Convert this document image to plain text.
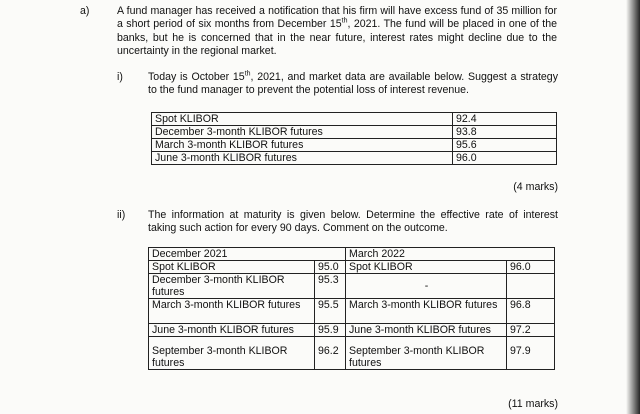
a)	A fund manager has received a notification that his firm will have excess fund of 35 million for a short period of six months from December 15th, 2021. The fund will be placed in one of the banks, but he is concerned that in the near future, interest rates might decline due to the uncertainty in the regional market.
i) Today is October 15th, 2021, and market data are available below. Suggest a strategy to the fund manager to prevent the potential loss of interest revenue.
Spot KLIBOR	92.4
December 3-month KLIBOR futures	93.8
March 3-month KLIBOR futures	95.6
June 3-month KLIBOR futures	96.0
(4 marks)
ii) The information at maturity is given below. Determine the effective rate of interest taking such action for every 90 days. Comment on the outcome.
December 2021		March 2022	
Spot KLIBOR	95.0	Spot KLIBOR	96.0
December 3-month KLIBOR futures	95.3	-	
March 3-month KLIBOR futures	95.5	March 3-month KLIBOR futures	96.8
June 3-month KLIBOR futures	95.9	June 3-month KLIBOR futures	97.2
September 3-month KLIBOR futures	96.2	September 3-month KLIBOR futures	97.9
(11 marks)
